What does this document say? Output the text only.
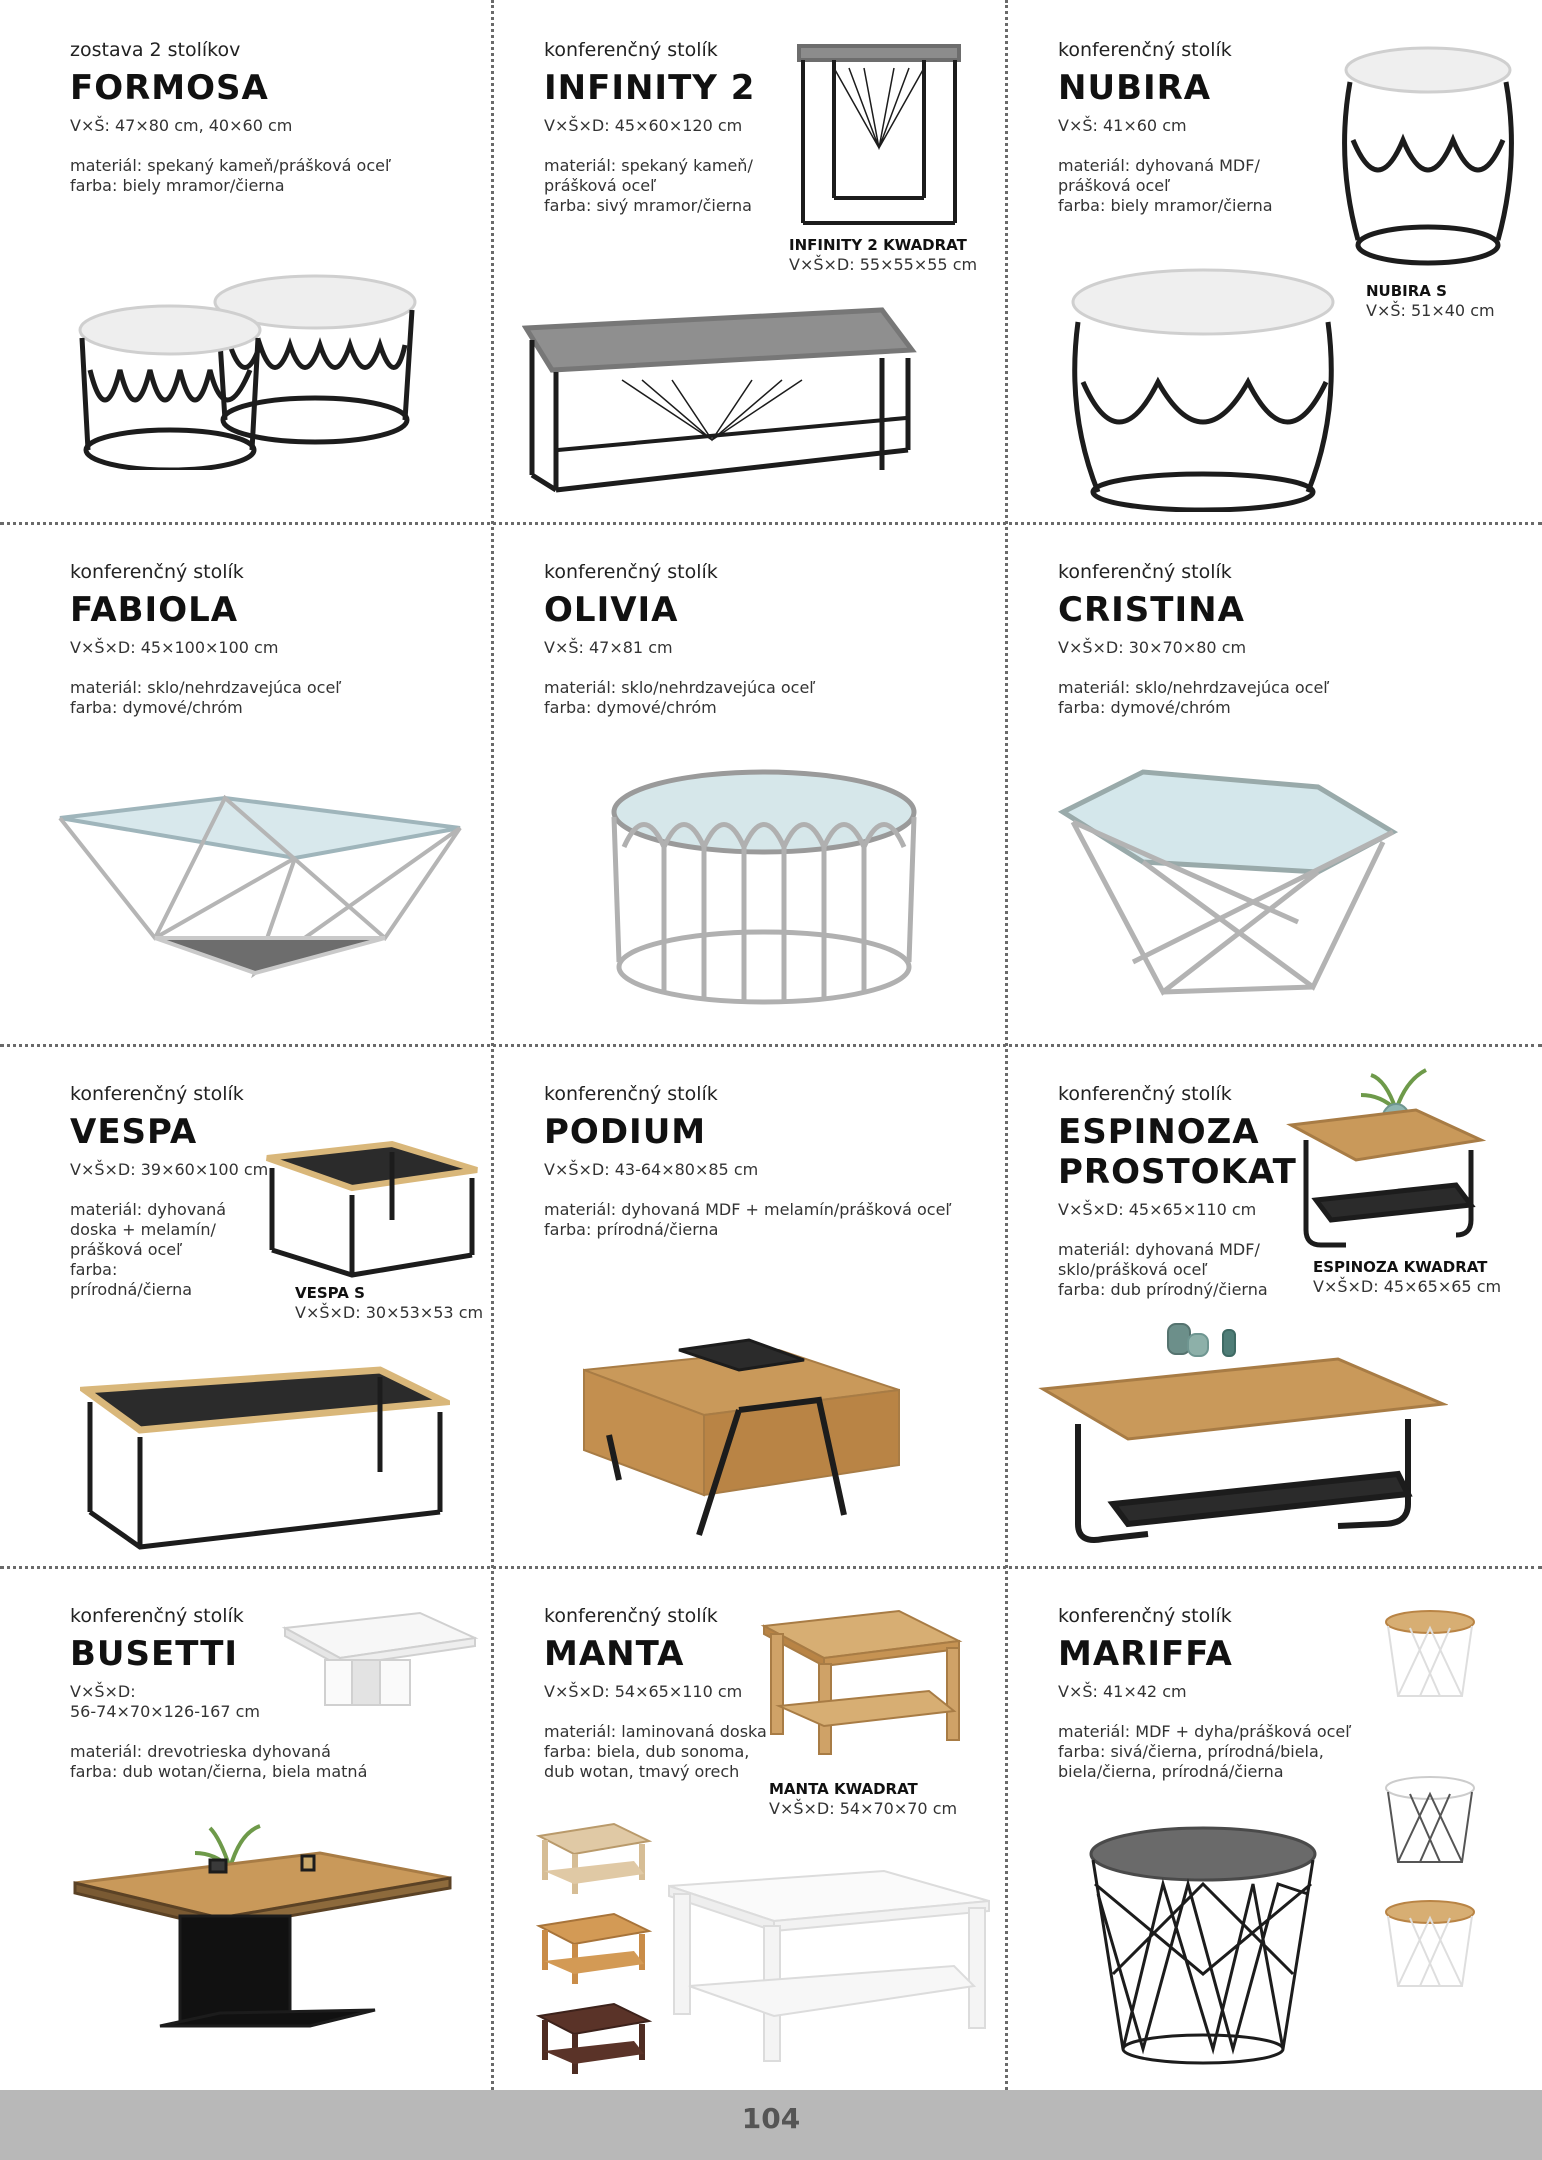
zostava 2 stolíkov

FORMOSA

V×Š: 47×80 cm, 40×60 cm

materiál: spekaný kameň/prášková oceľ
farba: biely mramor/čierna

konferenčný stolík

INFINITY 2

V×Š×D: 45×60×120 cm

materiál: spekaný kameň/
prášková oceľ
farba: sivý mramor/čierna

INFINITY 2 KWADRAT
V×Š×D: 55×55×55 cm

konferenčný stolík

NUBIRA

V×Š: 41×60 cm

materiál: dyhovaná MDF/
prášková oceľ
farba: biely mramor/čierna

NUBIRA S
V×Š: 51×40 cm

konferenčný stolík

FABIOLA

V×Š×D: 45×100×100 cm

materiál: sklo/nehrdzavejúca oceľ
farba: dymové/chróm

konferenčný stolík

OLIVIA

V×Š: 47×81 cm

materiál: sklo/nehrdzavejúca oceľ
farba: dymové/chróm

konferenčný stolík

CRISTINA

V×Š×D: 30×70×80 cm

materiál: sklo/nehrdzavejúca oceľ
farba: dymové/chróm

konferenčný stolík

VESPA

V×Š×D: 39×60×100 cm

materiál: dyhovaná
doska + melamín/
prášková oceľ
farba:
prírodná/čierna	VESPA S
V×Š×D: 30×53×53 cm

konferenčný stolík

PODIUM

V×Š×D: 43-64×80×85 cm

materiál: dyhovaná MDF + melamín/prášková oceľ
farba: prírodná/čierna

konferenčný stolík

ESPINOZA
PROSTOKAT

V×Š×D: 45×65×110 cm

materiál: dyhovaná MDF/
sklo/prášková oceľ
farba: dub prírodný/čierna

ESPINOZA KWADRAT
V×Š×D: 45×65×65 cm

konferenčný stolík

BUSETTI

V×Š×D:
56-74×70×126-167 cm

materiál: drevotrieska dyhovaná
farba: dub wotan/čierna, biela matná

konferenčný stolík

MANTA

V×Š×D: 54×65×110 cm

materiál: laminovaná doska
farba: biela, dub sonoma,
dub wotan, tmavý orech

MANTA KWADRAT
V×Š×D: 54×70×70 cm

konferenčný stolík

MARIFFA

V×Š: 41×42 cm

materiál: MDF + dyha/prášková oceľ
farba: sivá/čierna, prírodná/biela,
biela/čierna, prírodná/čierna

104
